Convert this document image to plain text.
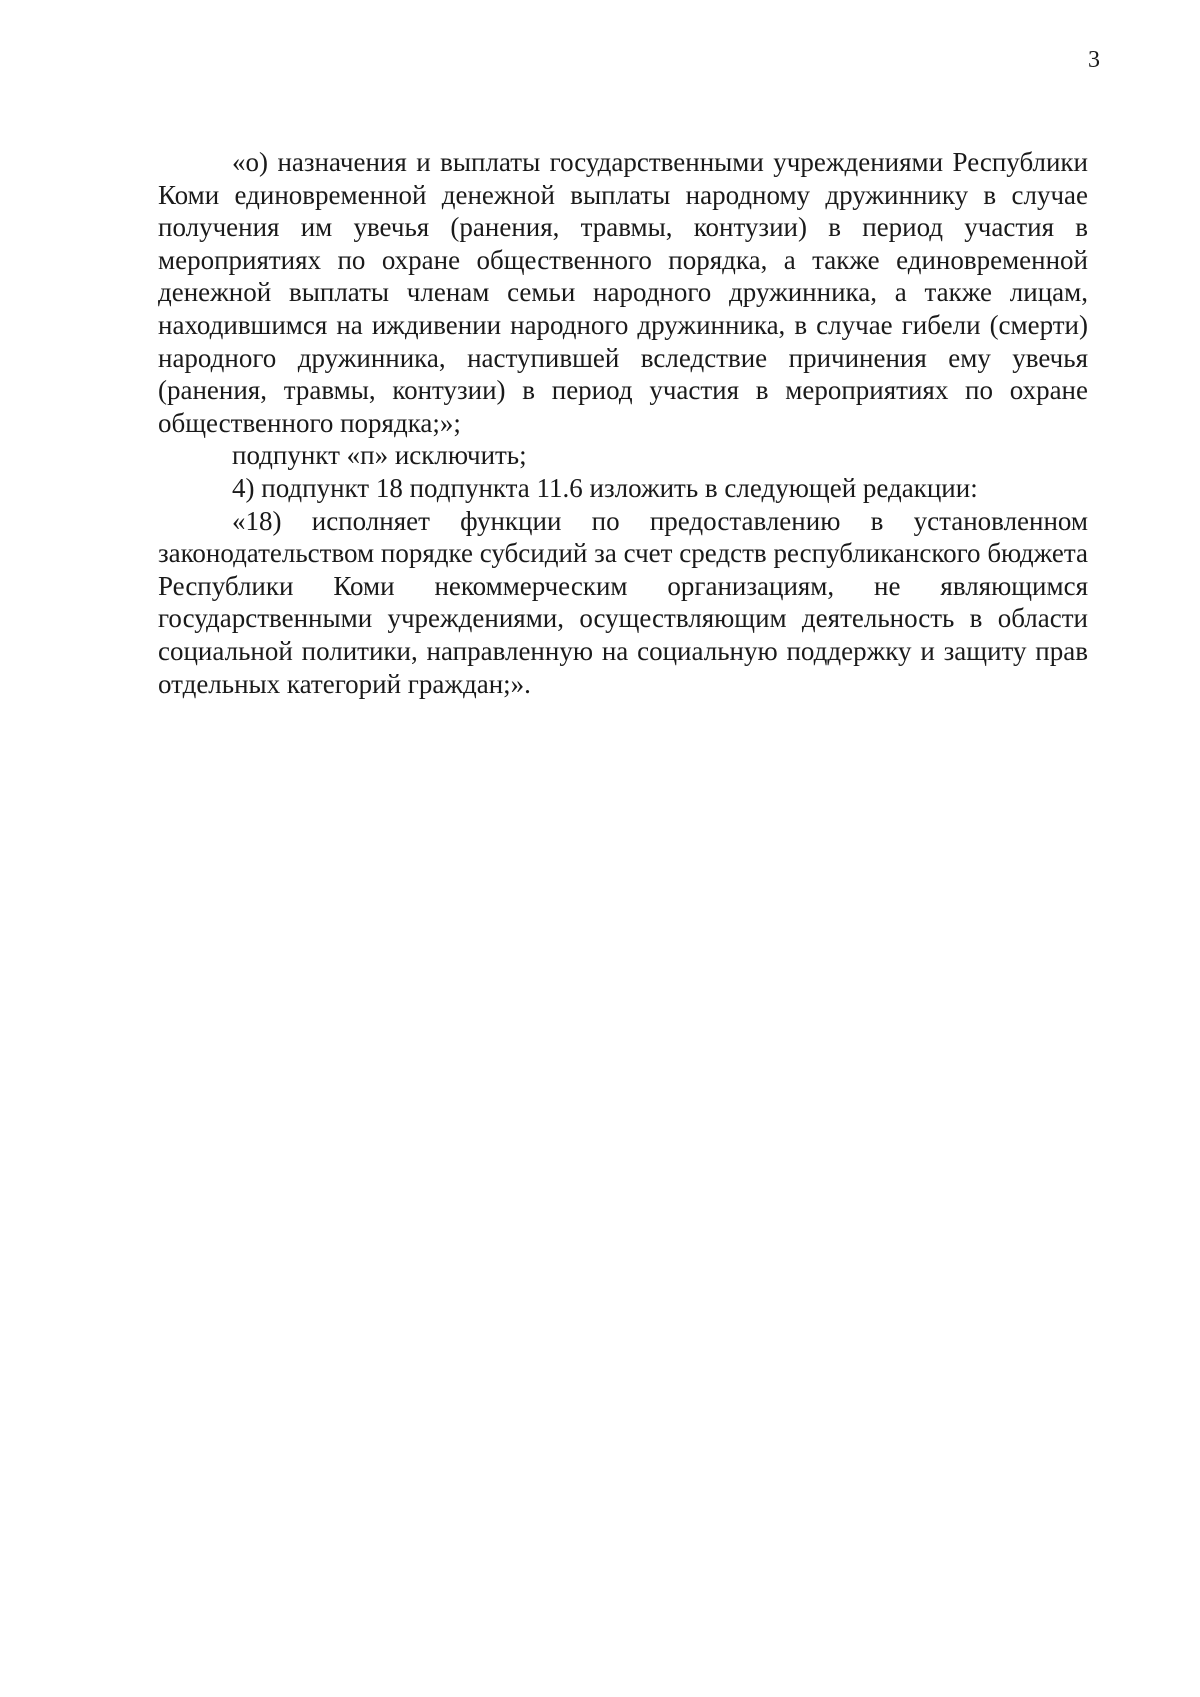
3

«о) назначения и выплаты государственными учреждениями Республики Коми единовременной денежной выплаты народному дружиннику в случае получения им увечья (ранения, травмы, контузии) в период участия в мероприятиях по охране общественного порядка, а также единовременной денежной выплаты членам семьи народного дружинника, а также лицам, находившимся на иждивении народного дружинника, в случае гибели (смерти) народного дружинника, наступившей вследствие причинения ему увечья (ранения, травмы, контузии) в период участия в мероприятиях по охране общественного порядка;»;

подпункт «п» исключить;

4) подпункт 18 подпункта 11.6 изложить в следующей редакции:

«18) исполняет функции по предоставлению в установленном законодательством порядке субсидий за счет средств республиканского бюджета Республики Коми некоммерческим организациям, не являющимся государственными учреждениями, осуществляющим деятельность в области социальной политики, направленную на социальную поддержку и защиту прав отдельных категорий граждан;».
